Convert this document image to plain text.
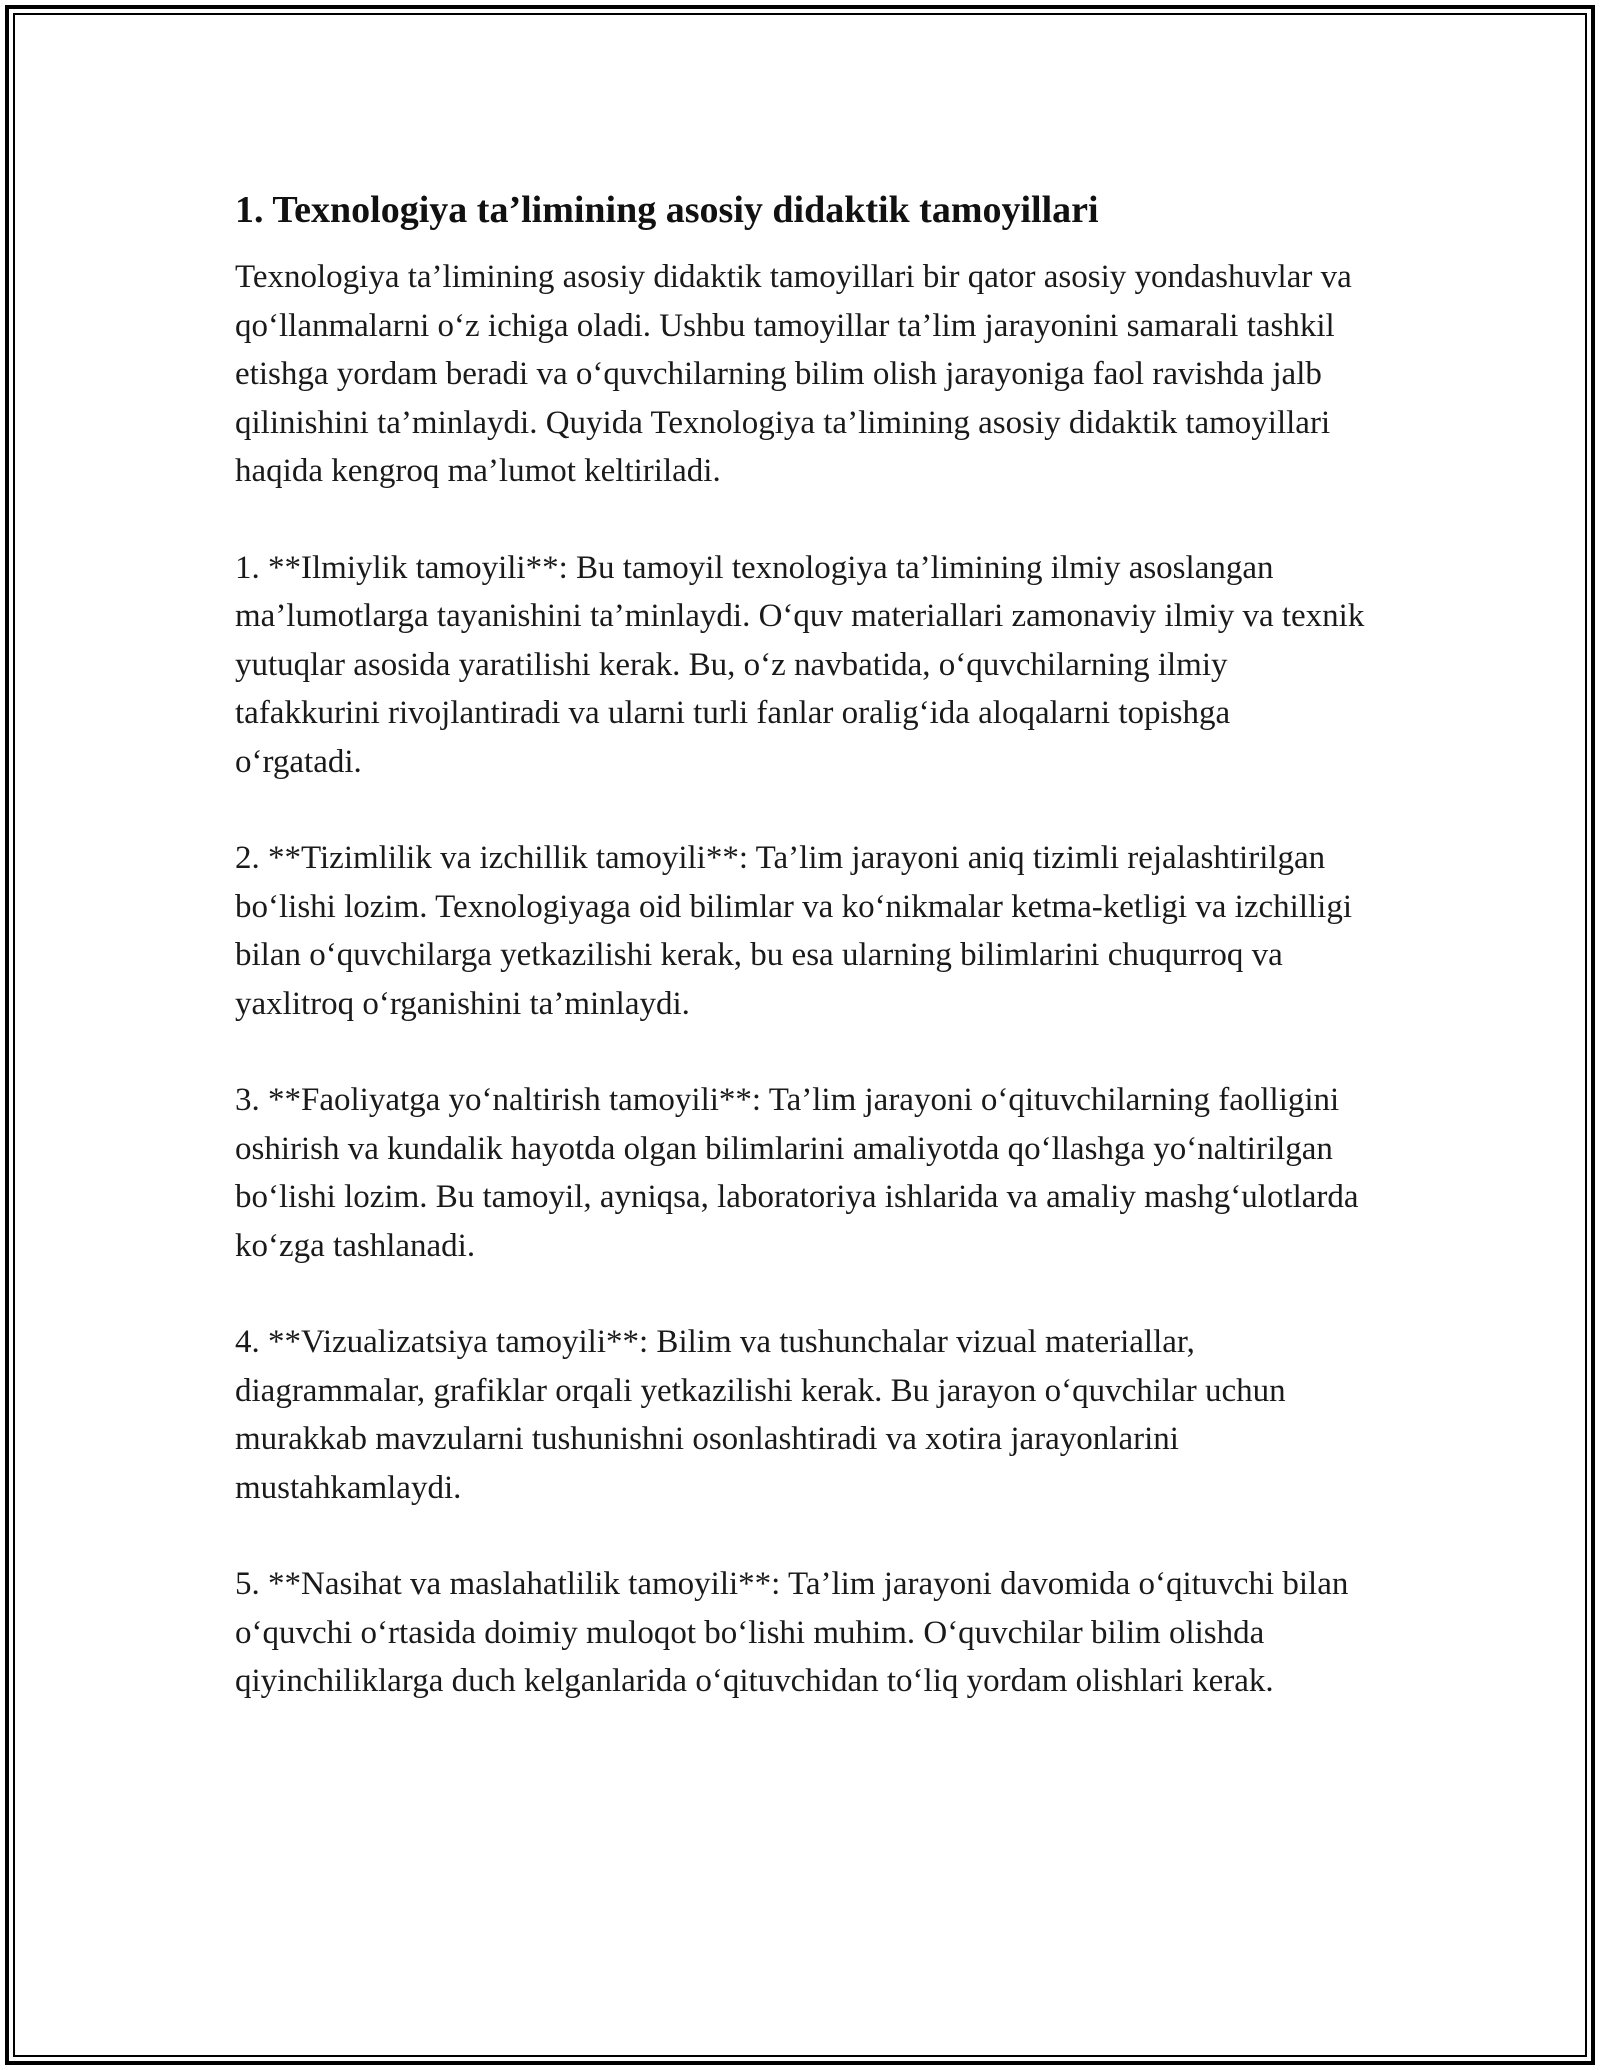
1. Texnologiya ta’limining asosiy didaktik tamoyillari

Texnologiya ta’limining asosiy didaktik tamoyillari bir qator asosiy yondashuvlar va qo‘llanmalarni o‘z ichiga oladi. Ushbu tamoyillar ta’lim jarayonini samarali tashkil etishga yordam beradi va o‘quvchilarning bilim olish jarayoniga faol ravishda jalb qilinishini ta’minlaydi. Quyida Texnologiya ta’limining asosiy didaktik tamoyillari haqida kengroq ma’lumot keltiriladi.

1. **Ilmiylik tamoyili**: Bu tamoyil texnologiya ta’limining ilmiy asoslangan ma’lumotlarga tayanishini ta’minlaydi. O‘quv materiallari zamonaviy ilmiy va texnik yutuqlar asosida yaratilishi kerak. Bu, o‘z navbatida, o‘quvchilarning ilmiy tafakkurini rivojlantiradi va ularni turli fanlar oralig‘ida aloqalarni topishga o‘rgatadi.

2. **Tizimlilik va izchillik tamoyili**: Ta’lim jarayoni aniq tizimli rejalashtirilgan bo‘lishi lozim. Texnologiyaga oid bilimlar va ko‘nikmalar ketma-ketligi va izchilligi bilan o‘quvchilarga yetkazilishi kerak, bu esa ularning bilimlarini chuqurroq va yaxlitroq o‘rganishini ta’minlaydi.

3. **Faoliyatga yo‘naltirish tamoyili**: Ta’lim jarayoni o‘qituvchilarning faolligini oshirish va kundalik hayotda olgan bilimlarini amaliyotda qo‘llashga yo‘naltirilgan bo‘lishi lozim. Bu tamoyil, ayniqsa, laboratoriya ishlarida va amaliy mashg‘ulotlarda ko‘zga tashlanadi.

4. **Vizualizatsiya tamoyili**: Bilim va tushunchalar vizual materiallar, diagrammalar, grafiklar orqali yetkazilishi kerak. Bu jarayon o‘quvchilar uchun murakkab mavzularni tushunishni osonlashtiradi va xotira jarayonlarini mustahkamlaydi.

5. **Nasihat va maslahatlilik tamoyili**: Ta’lim jarayoni davomida o‘qituvchi bilan o‘quvchi o‘rtasida doimiy muloqot bo‘lishi muhim. O‘quvchilar bilim olishda qiyinchiliklarga duch kelganlarida o‘qituvchidan to‘liq yordam olishlari kerak.
